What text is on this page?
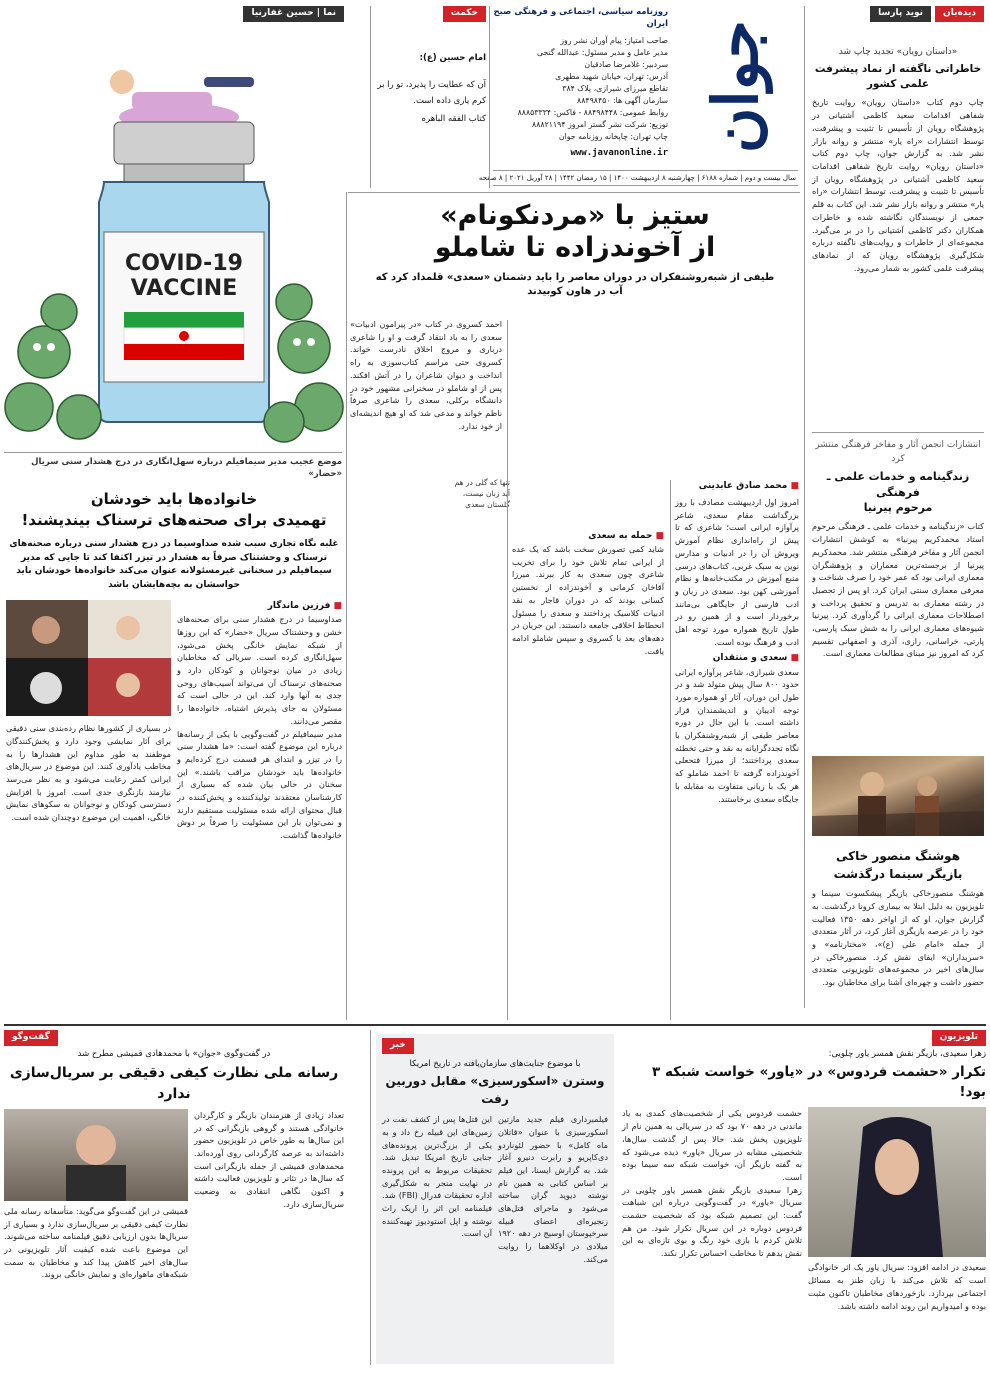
دیده‌بان
نوید پارسا
«داستان رویان» تجدید چاپ شد
خاطراتی ناگفته از نماد پیشرفت علمی کشور

چاپ دوم کتاب «داستان رویان» روایت تاریخ شفاهی اقدامات سعید کاظمی آشتیانی در پژوهشگاه رویان از تأسیس تا تثبیت و پیشرفت، توسط انتشارات «راه یار» منتشر و روانه بازار نشر شد. به گزارش جوان، چاپ دوم کتاب «داستان رویان» روایت تاریخ شفاهی اقدامات سعید کاظمی آشتیانی در پژوهشگاه رویان از تأسیس تا تثبیت و پیشرفت، توسط انتشارات «راه یار» منتشر و روانه بازار نشر شد. این کتاب به قلم جمعی از نویسندگان نگاشته شده و خاطرات همکاران دکتر کاظمی آشتیانی را در بر می‌گیرد. مجموعه‌ای از خاطرات و روایت‌های ناگفته درباره شکل‌گیری پژوهشگاه رویان که از نمادهای پیشرفت علمی کشور به شمار می‌رود.

انتشارات انجمن آثار و مفاخر فرهنگی منتشر کرد
زندگینامه و خدمات علمی ـ فرهنگی
مرحوم پیرنیا

کتاب «زندگینامه و خدمات علمی ـ فرهنگی مرحوم استاد محمدکریم پیرنیا» به کوشش انتشارات انجمن آثار و مفاخر فرهنگی منتشر شد. محمدکریم پیرنیا از برجسته‌ترین معماران و پژوهشگران معماری ایرانی بود که عمر خود را صرف شناخت و معرفی معماری سنتی ایران کرد. او پس از تحصیل در رشته معماری به تدریس و تحقیق پرداخت و اصطلاحات معماری ایرانی را گردآوری کرد. پیرنیا شیوه‌های معماری ایرانی را به شش سبک پارسی، پارتی، خراسانی، رازی، آذری و اصفهانی تقسیم کرد که امروز نیز مبنای مطالعات معماری است.

هوشنگ منصور خاکی
بازیگر سینما درگذشت

هوشنگ منصورخاکی بازیگر پیشکسوت سینما و تلویزیون به دلیل ابتلا به بیماری کرونا درگذشت. به گزارش جوان، او که از اواخر دهه ۱۳۵۰ فعالیت خود را در عرصه بازیگری آغاز کرد، در آثار متعددی از جمله «امام علی (ع)»، «مختارنامه» و «سربداران» ایفای نقش کرد. منصورخاکی در سال‌های اخیر در مجموعه‌های تلویزیونی متعددی حضور داشت و چهره‌ای آشنا برای مخاطبان بود.

جوان
روزنامه سیاسی، اجتماعی و فرهنگی صبح ایران
صاحب امتیاز: پیام آوران نشر روز
مدیر عامل و مدیر مسئول: عبدالله گنجی
سردبیر: غلامرضا صادقیان
آدرس: تهران، خیابان شهید مطهری
تقاطع میرزای شیرازی، پلاک ۳۸۴
سازمان آگهی ها: ۸۸۴۹۸۴۵۰
روابط عمومی: ۸۸۴۹۸۴۴۸ - فاکس: ۸۸۸۵۳۳۳۴
توزیع: شرکت نشر گستر امروز ۸۸۸۲۱۱۹۴
چاپ تهران: چاپخانه روزنامه جوان
www.javanonline.ir
سال بیست و دوم | شماره ۶۱۸۸ | چهارشنبه ۸ اردیبهشت ۱۴۰۰ | ۱۵ رمضان ۱۴۴۲ | ۲۸ آوریل ۲۰۲۱ | ۸ صفحه
حکمت
امام حسین (ع):
آن که عطایت را پذیرد، تو را بر کرم یاری داده است.
کتاب الفقه الباهره
نما | حسین غفارنیا
COVID-19
VACCINE
ستیز با «مردنکونام»
از آخوندزاده تا شاملو
طیفی از شبه‌روشنفکران در دوران معاصر را باید دشمنان «سعدی» قلمداد کرد که آب در هاون کوبیدند
تنها که گلی در هم آید زبان نیست، گلستان سعدی
■ محمد صادق عابدینی

امروز اول اردیبهشت مصادف با روز بزرگداشت مقام سعدی، شاعر پرآوازه ایرانی است؛ شاعری که تا پیش از راه‌اندازی نظام آموزش ویروش آن را در ادبیات و مدارس نوین به سبک غربی، کتاب‌های درسی منبع آموزش در مکتب‌خانه‌ها و نظام آموزشی کهن بود. سعدی در زبان و ادب فارسی از جایگاهی بی‌مانند برخوردار است و از همین رو در طول تاریخ همواره مورد توجه اهل ادب و فرهنگ بوده است.

■ سعدی و منتقدان

سعدی شیرازی، شاعر پرآوازه ایرانی حدود ۸۰۰ سال پیش متولد شد و در طول این دوران، آثار او همواره مورد توجه ادیبان و اندیشمندان قرار داشته است. با این حال در دوره معاصر طیفی از شبه‌روشنفکران با نگاه تجددگرایانه به نقد و حتی تخطئه سعدی پرداختند؛ از میرزا فتحعلی آخوندزاده گرفته تا احمد شاملو که هر یک با زبانی متفاوت به مقابله با جایگاه سعدی برخاستند.

■ حمله به سعدی

شاید کمی تصورش سخت باشد که یک عده از ایرانی تمام تلاش خود را برای تخریب شاعری چون سعدی به کار ببرند. میرزا آقاخان کرمانی و آخوندزاده از نخستین کسانی بودند که در دوران قاجار به نقد ادبیات کلاسیک پرداختند و سعدی را مسئول انحطاط اخلاقی جامعه دانستند. این جریان در دهه‌های بعد با کسروی و سپس شاملو ادامه یافت.

احمد کسروی در کتاب «در پیرامون ادبیات» سعدی را به باد انتقاد گرفت و او را شاعری درباری و مروج اخلاق نادرست خواند. کسروی حتی مراسم کتاب‌سوزی به راه انداخت و دیوان شاعران را در آتش افکند. پس از او شاملو در سخنرانی مشهور خود در دانشگاه برکلی، سعدی را شاعری صرفاً ناظم خواند و مدعی شد که او هیچ اندیشه‌ای از خود ندارد.

موضع عجیب مدیر سیمافیلم درباره سهل‌انگاری در درج هشدار سنی سریال «حضار»
خانواده‌ها باید خودشان
تهمیدی برای صحنه‌های ترسناک بیندیشند!
غلبه نگاه تجاری سبب شده صداوسیما در درج هشدار سنی درباره صحنه‌های ترسناک و وحشتناک صرفاً به هشدار در تیزر اکتفا کند تا جایی که مدیر سیمافیلم در سخنانی غیرمسئولانه عنوان می‌کند خانواده‌ها خودشان باید حواسشان به بچه‌هایشان باشد
■ فرزین ماندگار

صداوسیما در درج هشدار سنی برای صحنه‌های خشن و وحشتناک سریال «حضار» که این روزها از شبکه نمایش خانگی پخش می‌شود، سهل‌انگاری کرده است. سریالی که مخاطبان زیادی در میان نوجوانان و کودکان دارد و صحنه‌های ترسناک آن می‌تواند آسیب‌های روحی جدی به آنها وارد کند. این در حالی است که مسئولان به جای پذیرش اشتباه، خانواده‌ها را مقصر می‌دانند.

مدیر سیمافیلم در گفت‌وگویی با یکی از رسانه‌ها درباره این موضوع گفته است: «ما هشدار سنی را در تیزر و ابتدای هر قسمت درج کرده‌ایم و خانواده‌ها باید خودشان مراقب باشند.» این سخنان در حالی بیان شده که بسیاری از کارشناسان معتقدند تولیدکننده و پخش‌کننده در قبال محتوای ارائه شده مسئولیت مستقیم دارند و نمی‌توان بار این مسئولیت را صرفاً بر دوش خانواده‌ها گذاشت.

در بسیاری از کشورها نظام رده‌بندی سنی دقیقی برای آثار نمایشی وجود دارد و پخش‌کنندگان موظفند به طور مداوم این هشدارها را به مخاطب یادآوری کنند. این موضوع در سریال‌های ایرانی کمتر رعایت می‌شود و به نظر می‌رسد نیازمند بازنگری جدی است. امروز با افزایش دسترسی کودکان و نوجوانان به سکوهای نمایش خانگی، اهمیت این موضوع دوچندان شده است.

گفت‌وگو
در گفت‌وگوی «جوان» با محمدهادی قمیشی مطرح شد
رسانه ملی نظارت کیفی دقیقی بر سریال‌سازی ندارد

تعداد زیادی از هنرمندان بازیگر و کارگردان خانوادگی هستند و گروهی بازیگرانی که در این سال‌ها به طور خاص در تلویزیون حضور داشته‌اند به عرصه کارگردانی روی آورده‌اند. محمدهادی قمیشی از جمله بازیگرانی است که سال‌ها در تئاتر و تلویزیون فعالیت داشته و اکنون نگاهی انتقادی به وضعیت سریال‌سازی دارد.

قمیشی در این گفت‌وگو می‌گوید: متأسفانه رسانه ملی نظارت کیفی دقیقی بر سریال‌سازی ندارد و بسیاری از سریال‌ها بدون ارزیابی دقیق فیلمنامه ساخته می‌شوند. این موضوع باعث شده کیفیت آثار تلویزیونی در سال‌های اخیر کاهش پیدا کند و مخاطبان به سمت شبکه‌های ماهواره‌ای و نمایش خانگی بروند.

خبر
با موضوع جنایت‌های سازمان‌یافته در تاریخ امریکا
وسترن «اسکورسیزی» مقابل دوربین رفت

فیلمبرداری فیلم جدید مارتین اسکورسیزی با عنوان «قاتلان ماه کامل» با حضور لئوناردو دی‌کاپریو و رابرت دنیرو آغاز شد. به گزارش ایسنا، این فیلم بر اساس کتابی به همین نام نوشته دیوید گران ساخته می‌شود و ماجرای قتل‌های زنجیره‌ای اعضای قبیله سرخپوستان اوسیج در دهه ۱۹۲۰ میلادی در اوکلاهما را روایت می‌کند.

این قتل‌ها پس از کشف نفت در زمین‌های این قبیله رخ داد و به یکی از بزرگ‌ترین پرونده‌های جنایی تاریخ امریکا تبدیل شد. تحقیقات مربوط به این پرونده در نهایت منجر به شکل‌گیری اداره تحقیقات فدرال (FBI) شد. فیلمنامه این اثر را اریک راث نوشته و اپل استودیوز تهیه‌کننده آن است.

تلویزیون
زهرا سعیدی، بازیگر نقش همسر یاور چلویی:
تکرار «حشمت فردوس» در «یاور» خواست شبکه ۳ بود!

سعیدی در ادامه افزود: سریال یاور یک اثر خانوادگی است که تلاش می‌کند با زبان طنز به مسائل اجتماعی بپردازد. بازخوردهای مخاطبان تاکنون مثبت بوده و امیدواریم این روند ادامه داشته باشد.

حشمت فردوس یکی از شخصیت‌های کمدی به یاد ماندنی در دهه ۷۰ بود که در سریالی به همین نام از تلویزیون پخش شد. حالا پس از گذشت سال‌ها، شخصیتی مشابه در سریال «یاور» دیده می‌شود که به گفته بازیگر آن، خواست شبکه سه سیما بوده است.

زهرا سعیدی بازیگر نقش همسر یاور چلویی در سریال «یاور» در گفت‌وگویی درباره این شباهت گفت: این تصمیم شبکه بود که شخصیت حشمت فردوس دوباره در این سریال تکرار شود. من هم تلاش کردم با بازی خود رنگ و بوی تازه‌ای به این نقش بدهم تا مخاطب احساس تکرار نکند.
